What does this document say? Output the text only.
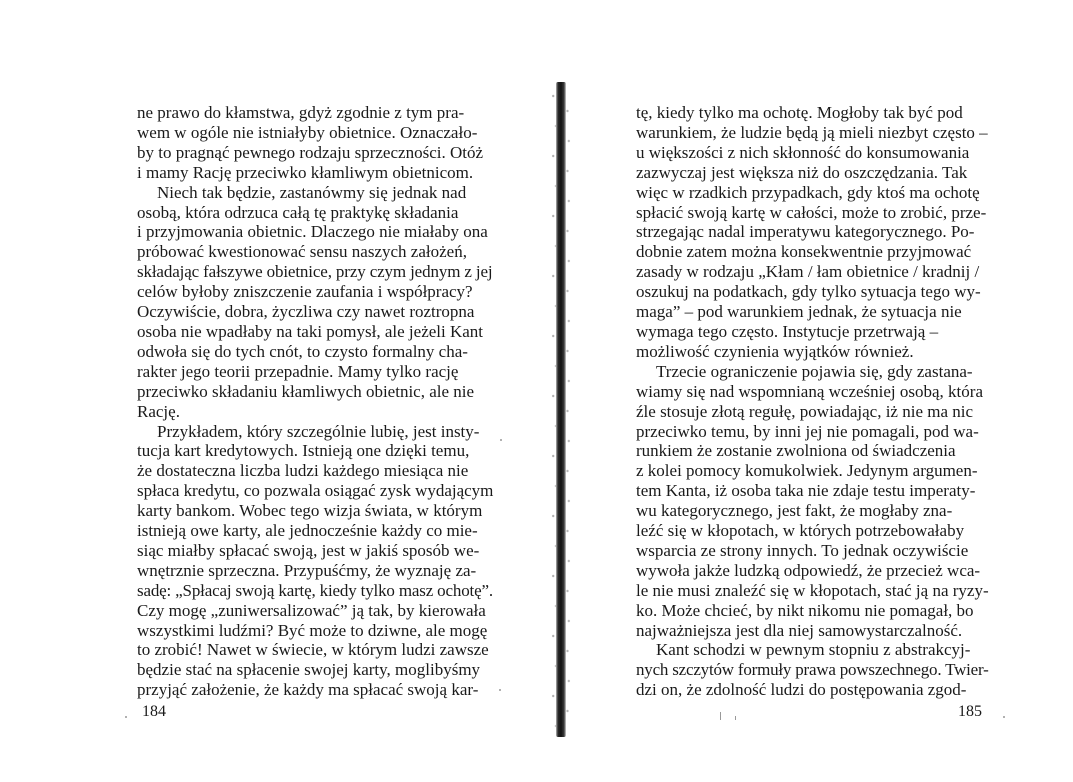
ne prawo do kłamstwa, gdyż zgodnie z tym pra-
wem w ogóle nie istniałyby obietnice. Oznaczało-
by to pragnąć pewnego rodzaju sprzeczności. Otóż
i mamy Rację przeciwko kłamliwym obietnicom.
Niech tak będzie, zastanówmy się jednak nad
osobą, która odrzuca całą tę praktykę składania
i przyjmowania obietnic. Dlaczego nie miałaby ona
próbować kwestionować sensu naszych założeń,
składając fałszywe obietnice, przy czym jednym z jej
celów byłoby zniszczenie zaufania i współpracy?
Oczywiście, dobra, życzliwa czy nawet roztropna
osoba nie wpadłaby na taki pomysł, ale jeżeli Kant
odwoła się do tych cnót, to czysto formalny cha-
rakter jego teorii przepadnie. Mamy tylko rację
przeciwko składaniu kłamliwych obietnic, ale nie
Rację.
Przykładem, który szczególnie lubię, jest insty-
tucja kart kredytowych. Istnieją one dzięki temu,
że dostateczna liczba ludzi każdego miesiąca nie
spłaca kredytu, co pozwala osiągać zysk wydającym
karty bankom. Wobec tego wizja świata, w którym
istnieją owe karty, ale jednocześnie każdy co mie-
siąc miałby spłacać swoją, jest w jakiś sposób we-
wnętrznie sprzeczna. Przypuśćmy, że wyznaję za-
sadę: „Spłacaj swoją kartę, kiedy tylko masz ochotę”.
Czy mogę „zuniwersalizować” ją tak, by kierowała
wszystkimi ludźmi? Być może to dziwne, ale mogę
to zrobić! Nawet w świecie, w którym ludzi zawsze
będzie stać na spłacenie swojej karty, moglibyśmy
przyjąć założenie, że każdy ma spłacać swoją kar-
184
tę, kiedy tylko ma ochotę. Mogłoby tak być pod
warunkiem, że ludzie będą ją mieli niezbyt często –
u większości z nich skłonność do konsumowania
zazwyczaj jest większa niż do oszczędzania. Tak
więc w rzadkich przypadkach, gdy ktoś ma ochotę
spłacić swoją kartę w całości, może to zrobić, prze-
strzegając nadal imperatywu kategorycznego. Po-
dobnie zatem można konsekwentnie przyjmować
zasady w rodzaju „Kłam / łam obietnice / kradnij /
oszukuj na podatkach, gdy tylko sytuacja tego wy-
maga” – pod warunkiem jednak, że sytuacja nie
wymaga tego często. Instytucje przetrwają –
możliwość czynienia wyjątków również.
Trzecie ograniczenie pojawia się, gdy zastana-
wiamy się nad wspomnianą wcześniej osobą, która
źle stosuje złotą regułę, powiadając, iż nie ma nic
przeciwko temu, by inni jej nie pomagali, pod wa-
runkiem że zostanie zwolniona od świadczenia
z kolei pomocy komukolwiek. Jedynym argumen-
tem Kanta, iż osoba taka nie zdaje testu imperaty-
wu kategorycznego, jest fakt, że mogłaby zna-
leźć się w kłopotach, w których potrzebowałaby
wsparcia ze strony innych. To jednak oczywiście
wywoła jakże ludzką odpowiedź, że przecież wca-
le nie musi znaleźć się w kłopotach, stać ją na ryzy-
ko. Może chcieć, by nikt nikomu nie pomagał, bo
najważniejsza jest dla niej samowystarczalność.
Kant schodzi w pewnym stopniu z abstrakcyj-
nych szczytów formuły prawa powszechnego. Twier-
dzi on, że zdolność ludzi do postępowania zgod-
185
